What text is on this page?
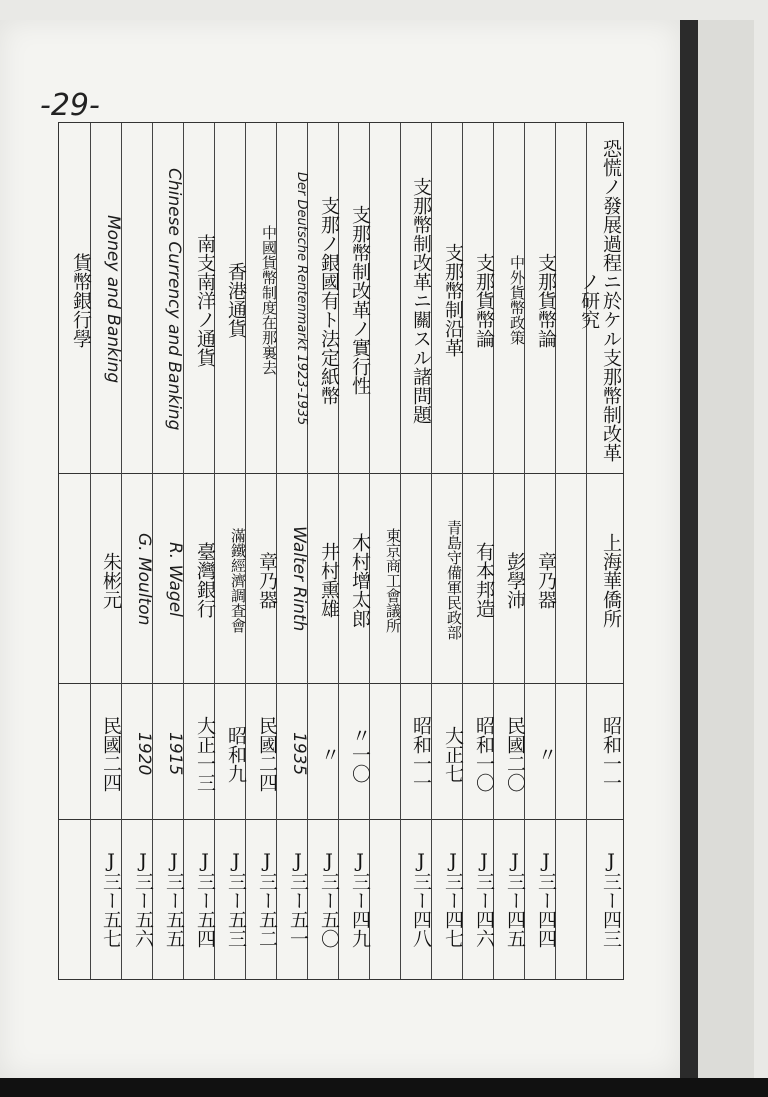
-29-
恐慌ノ發展過程ニ於ケル支那幣制改革ノ研究
支那貨幣論
中外貨幣政策
支那貨幣論
支那幣制沿革
支那幣制改革ニ關スル諸問題
支那幣制改革ノ實行性
支那ノ銀國有ト法定紙幣
Der Deutsche Rentenmarkt 1923-1935
中國貨幣制度在那裏去
香港通貨
南支南洋ノ通貨
Chinese Currency and Banking
Money and Banking
貨幣銀行學
上海華僑所
章乃器
彭學沛
有本邦造
青島守備軍民政部
東京商工會議所
木村增太郎
井村熏雄
Walter Rinth
章乃器
滿鐵經濟調査會
臺灣銀行
R. Wagel
G. Moulton
朱彬元
昭和一一
〃
民國二〇
昭和一〇
大正七
昭和一一
〃一〇
〃
1935
民國二四
昭和九
大正一三
1915
1920
民國二四
J三ー四三
J三ー四四
J三ー四五
J三ー四六
J三ー四七
J三ー四八
J三ー四九
J三ー五〇
J三ー五一
J三ー五二
J三ー五三
J三ー五四
J三ー五五
J三ー五六
J三ー五七
